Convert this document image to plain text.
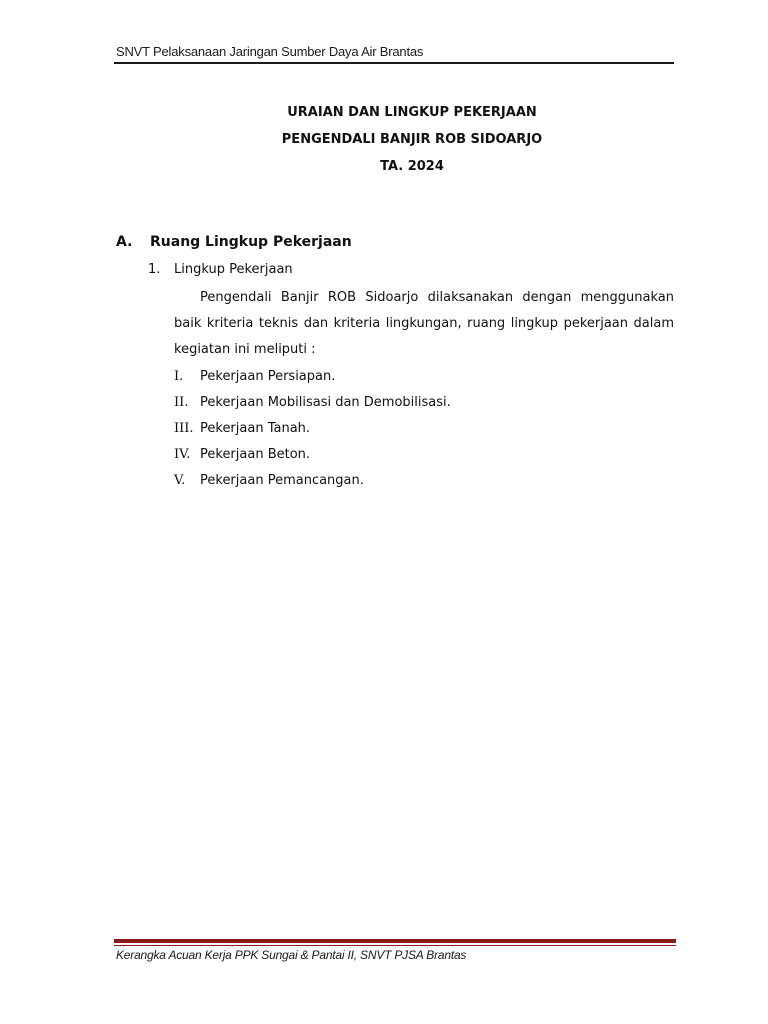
SNVT Pelaksanaan Jaringan Sumber Daya Air Brantas
URAIAN DAN LINGKUP PEKERJAAN
PENGENDALI BANJIR ROB SIDOARJO
TA. 2024
A. Ruang Lingkup Pekerjaan
1. Lingkup Pekerjaan
Pengendali Banjir ROB Sidoarjo dilaksanakan dengan menggunakan baik kriteria teknis dan kriteria lingkungan, ruang lingkup pekerjaan dalam kegiatan ini meliputi :
I. Pekerjaan Persiapan.
II. Pekerjaan Mobilisasi dan Demobilisasi.
III. Pekerjaan Tanah.
IV. Pekerjaan Beton.
V. Pekerjaan Pemancangan.
Kerangka Acuan Kerja PPK Sungai & Pantai II, SNVT PJSA Brantas
